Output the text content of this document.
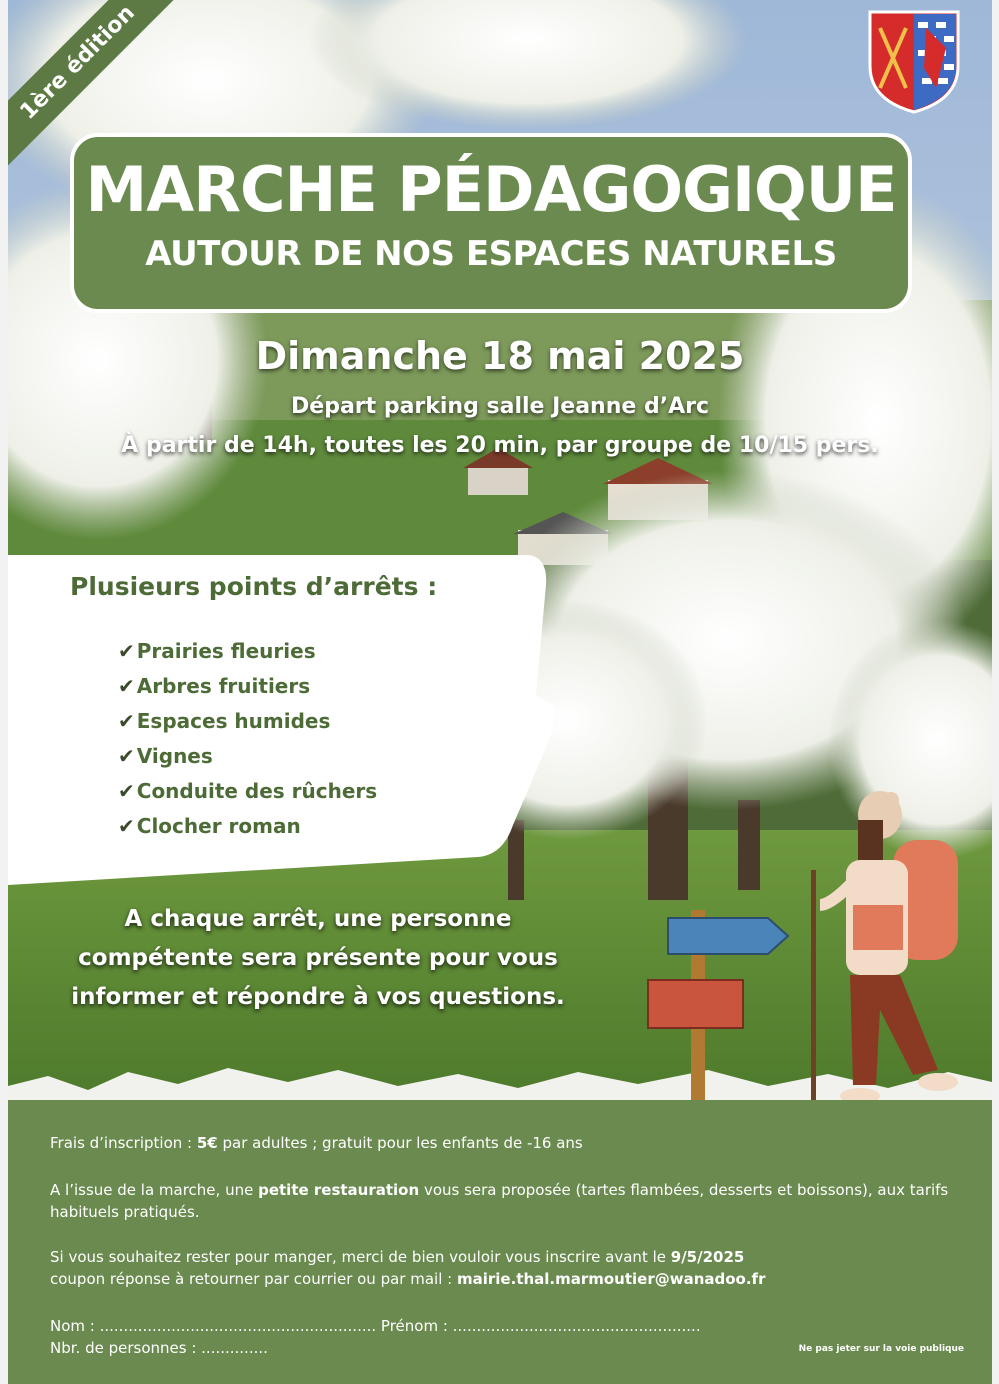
1ère édition
MARCHE PÉDAGOGIQUE
AUTOUR DE NOS ESPACES NATURELS
Dimanche 18 mai 2025
Départ parking salle Jeanne d’Arc
À partir de 14h, toutes les 20 min, par groupe de 10/15 pers.
Plusieurs points d’arrêts :
✔ Prairies fleuries
✔ Arbres fruitiers
✔ Espaces humides
✔ Vignes
✔ Conduite des rûchers
✔ Clocher roman
A chaque arrêt, une personne compétente sera présente pour vous informer et répondre à vos questions.

Frais d’inscription : 5€ par adultes ; gratuit pour les enfants de -16 ans

A l’issue de la marche, une petite restauration vous sera proposée (tartes flambées, desserts et boissons), aux tarifs habituels pratiqués.

Si vous souhaitez rester pour manger, merci de bien vouloir vous inscrire avant le 9/5/2025

coupon réponse à retourner par courrier ou par mail : mairie.thal.marmoutier@wanadoo.fr

Nom : .......................................................... Prénom : ....................................................

Nbr. de personnes : ..............	Ne pas jeter sur la voie publique
